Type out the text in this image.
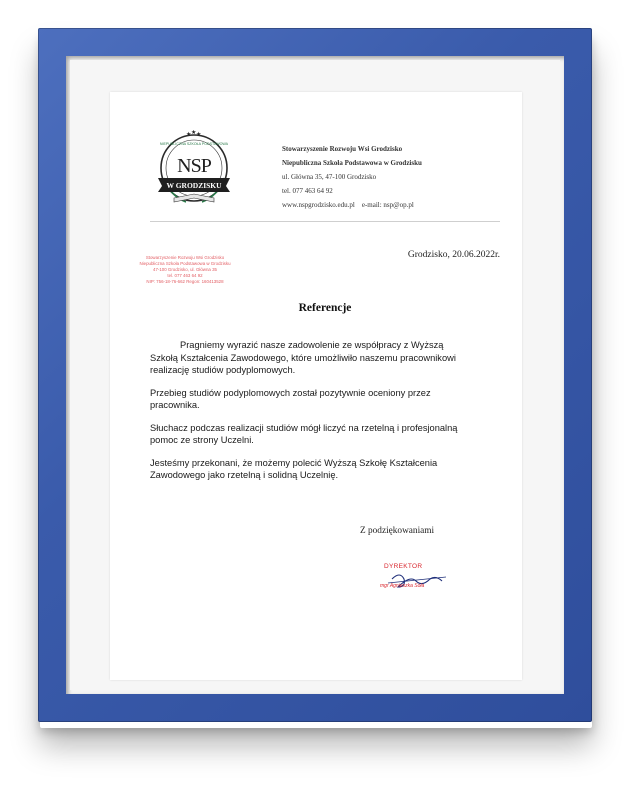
★ ★ ★
W GRODZISKU
NSP
NIEPUBLICZNA SZKOŁA PODSTAWOWA
Stowarzyszenie Rozwoju Wsi Grodzisko
Niepubliczna Szkoła Podstawowa w Grodzisku
ul. Główna 35, 47-100 Grodzisko
tel. 077 463 64 92
www.nspgrodzisko.edu.pl    e-mail: nsp@op.pl
Stowarzyszenie Rozwoju Wsi Grodzisko
Niepubliczna Szkoła Podstawowa w Grodzisku
47-100 Grodzisko, ul. Główna 35
tel. 077 463 64 92
NIP: 756-18-76-662 Regon: 160413528
Grodzisko, 20.06.2022r.
Referencje

Pragniemy wyrazić nasze zadowolenie ze współpracy z Wyższą Szkołą Kształcenia Zawodowego, które umożliwiło naszemu pracownikowi realizację studiów podyplomowych.

Przebieg studiów podyplomowych został pozytywnie oceniony przez pracownika.

Słuchacz podczas realizacji studiów mógł liczyć na rzetelną i profesjonalną pomoc ze strony Uczelni.

Jesteśmy przekonani, że możemy polecić Wyższą Szkołę Kształcenia Zawodowego jako rzetelną i solidną Uczelnię.

Z podziękowaniami
DYREKTOR
mgr Agnieszka Soła
